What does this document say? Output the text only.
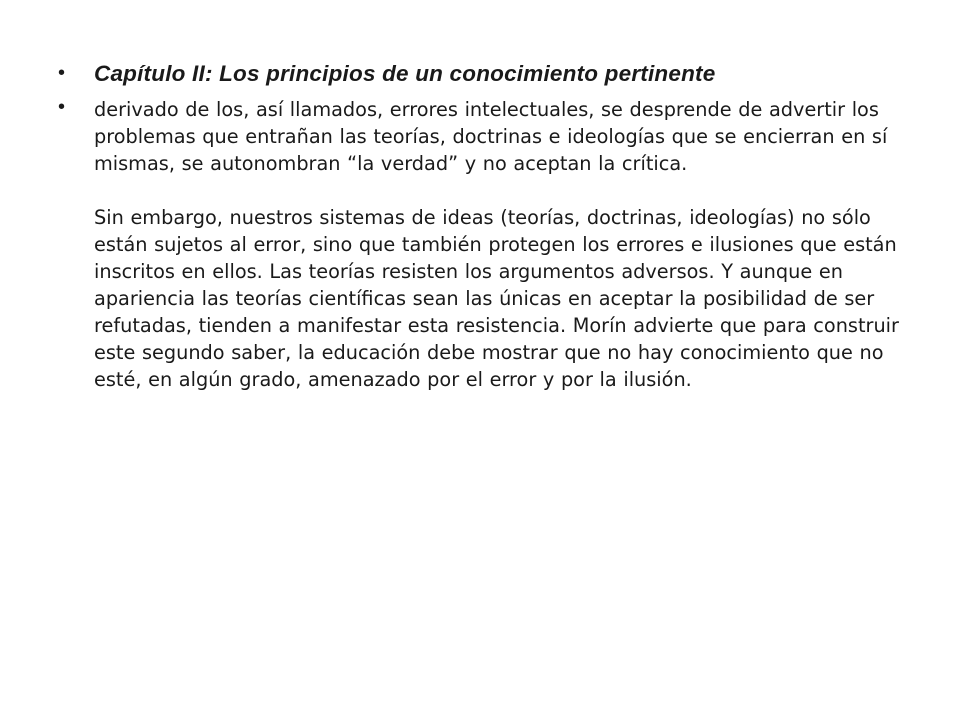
• Capítulo II: Los principios de un conocimiento pertinente
• derivado de los, así llamados, errores intelectuales, se desprende de advertir los problemas que entrañan las teorías, doctrinas e ideologías que se encierran en sí mismas, se autonombran “la verdad” y no aceptan la crítica.
Sin embargo, nuestros sistemas de ideas (teorías, doctrinas, ideologías) no sólo están sujetos al error, sino que también protegen los errores e ilusiones que están inscritos en ellos. Las teorías resisten los argumentos adversos. Y aunque en apariencia las teorías científicas sean las únicas en aceptar la posibilidad de ser refutadas, tienden a manifestar esta resistencia. Morín advierte que para construir este segundo saber, la educación debe mostrar que no hay conocimiento que no esté, en algún grado, amenazado por el error y por la ilusión.
